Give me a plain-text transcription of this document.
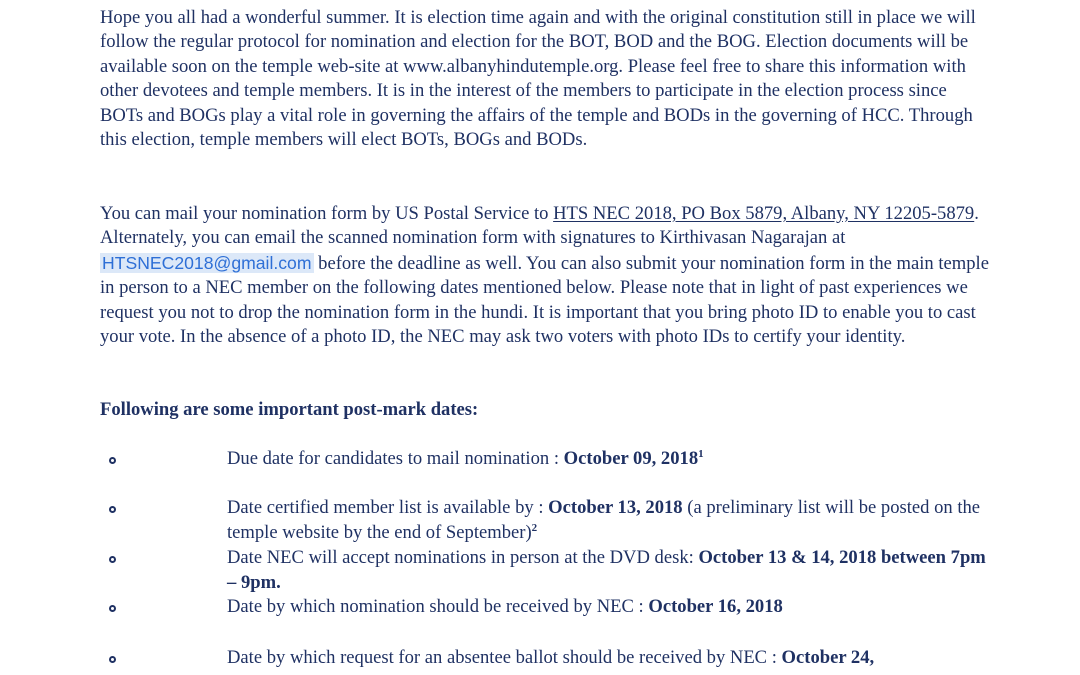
Hope you all had a wonderful summer. It is election time again and with the original constitution still in place we will follow the regular protocol for nomination and election for the BOT, BOD and the BOG. Election documents will be available soon on the temple web-site at www.albanyhindutemple.org. Please feel free to share this information with other devotees and temple members. It is in the interest of the members to participate in the election process since BOTs and BOGs play a vital role in governing the affairs of the temple and BODs in the governing of HCC. Through this election, temple members will elect BOTs, BOGs and BODs.

You can mail your nomination form by US Postal Service to HTS NEC 2018, PO Box 5879, Albany, NY 12205-5879. Alternately, you can email the scanned nomination form with signatures to Kirthivasan Nagarajan at HTSNEC2018@gmail.com before the deadline as well. You can also submit your nomination form in the main temple in person to a NEC member on the following dates mentioned below. Please note that in light of past experiences we request you not to drop the nomination form in the hundi. It is important that you bring photo ID to enable you to cast your vote. In the absence of a photo ID, the NEC may ask two voters with photo IDs to certify your identity.

Following are some important post-mark dates:

Due date for candidates to mail nomination : October 09, 2018$^1$

Date certified member list is available by : October 13, 2018 (a preliminary list will be posted on the temple website by the end of September)$^2$

Date NEC will accept nominations in person at the DVD desk: October 13 & 14, 2018 between 7pm – 9pm.

Date by which nomination should be received by NEC : October 16, 2018

Date by which request for an absentee ballot should be received by NEC : October 24,
